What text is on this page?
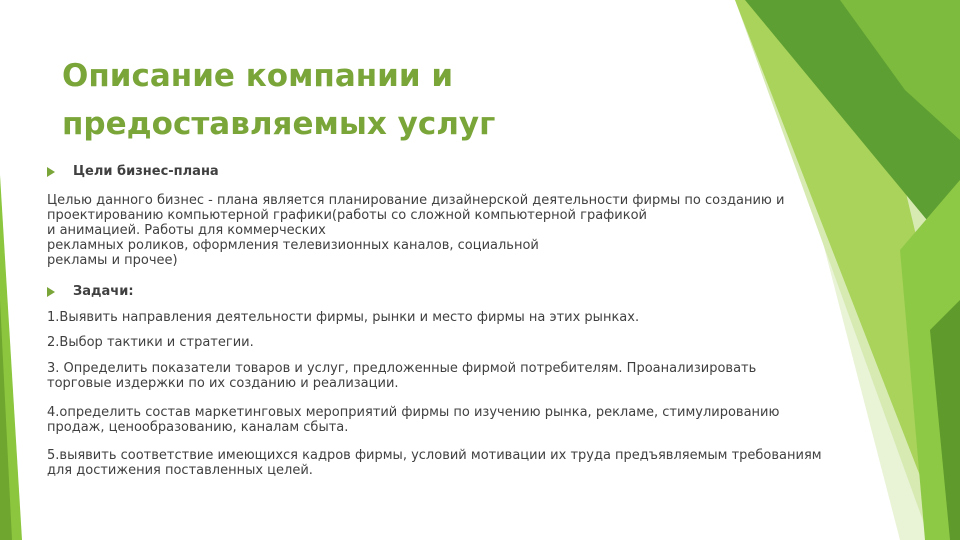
Описание компании и
предоставляемых услуг
Цели бизнес-плана

Целью данного бизнес - плана является планирование дизайнерской деятельности фирмы по созданию и
проектированию компьютерной графики(работы со сложной компьютерной графикой
и анимацией. Работы для коммерческих
рекламных роликов, оформления телевизионных каналов, социальной
рекламы и прочее)

Задачи:

1.Выявить направления деятельности фирмы, рынки и место фирмы на этих рынках.

2.Выбор тактики и стратегии.

3. Определить показатели товаров и услуг, предложенные фирмой потребителям. Проанализировать
торговые издержки по их созданию и реализации.

4.определить состав маркетинговых мероприятий фирмы по изучению рынка, рекламе, стимулированию
продаж, ценообразованию, каналам сбыта.

5.выявить соответствие имеющихся кадров фирмы, условий мотивации их труда предъявляемым требованиям
для достижения поставленных целей.
